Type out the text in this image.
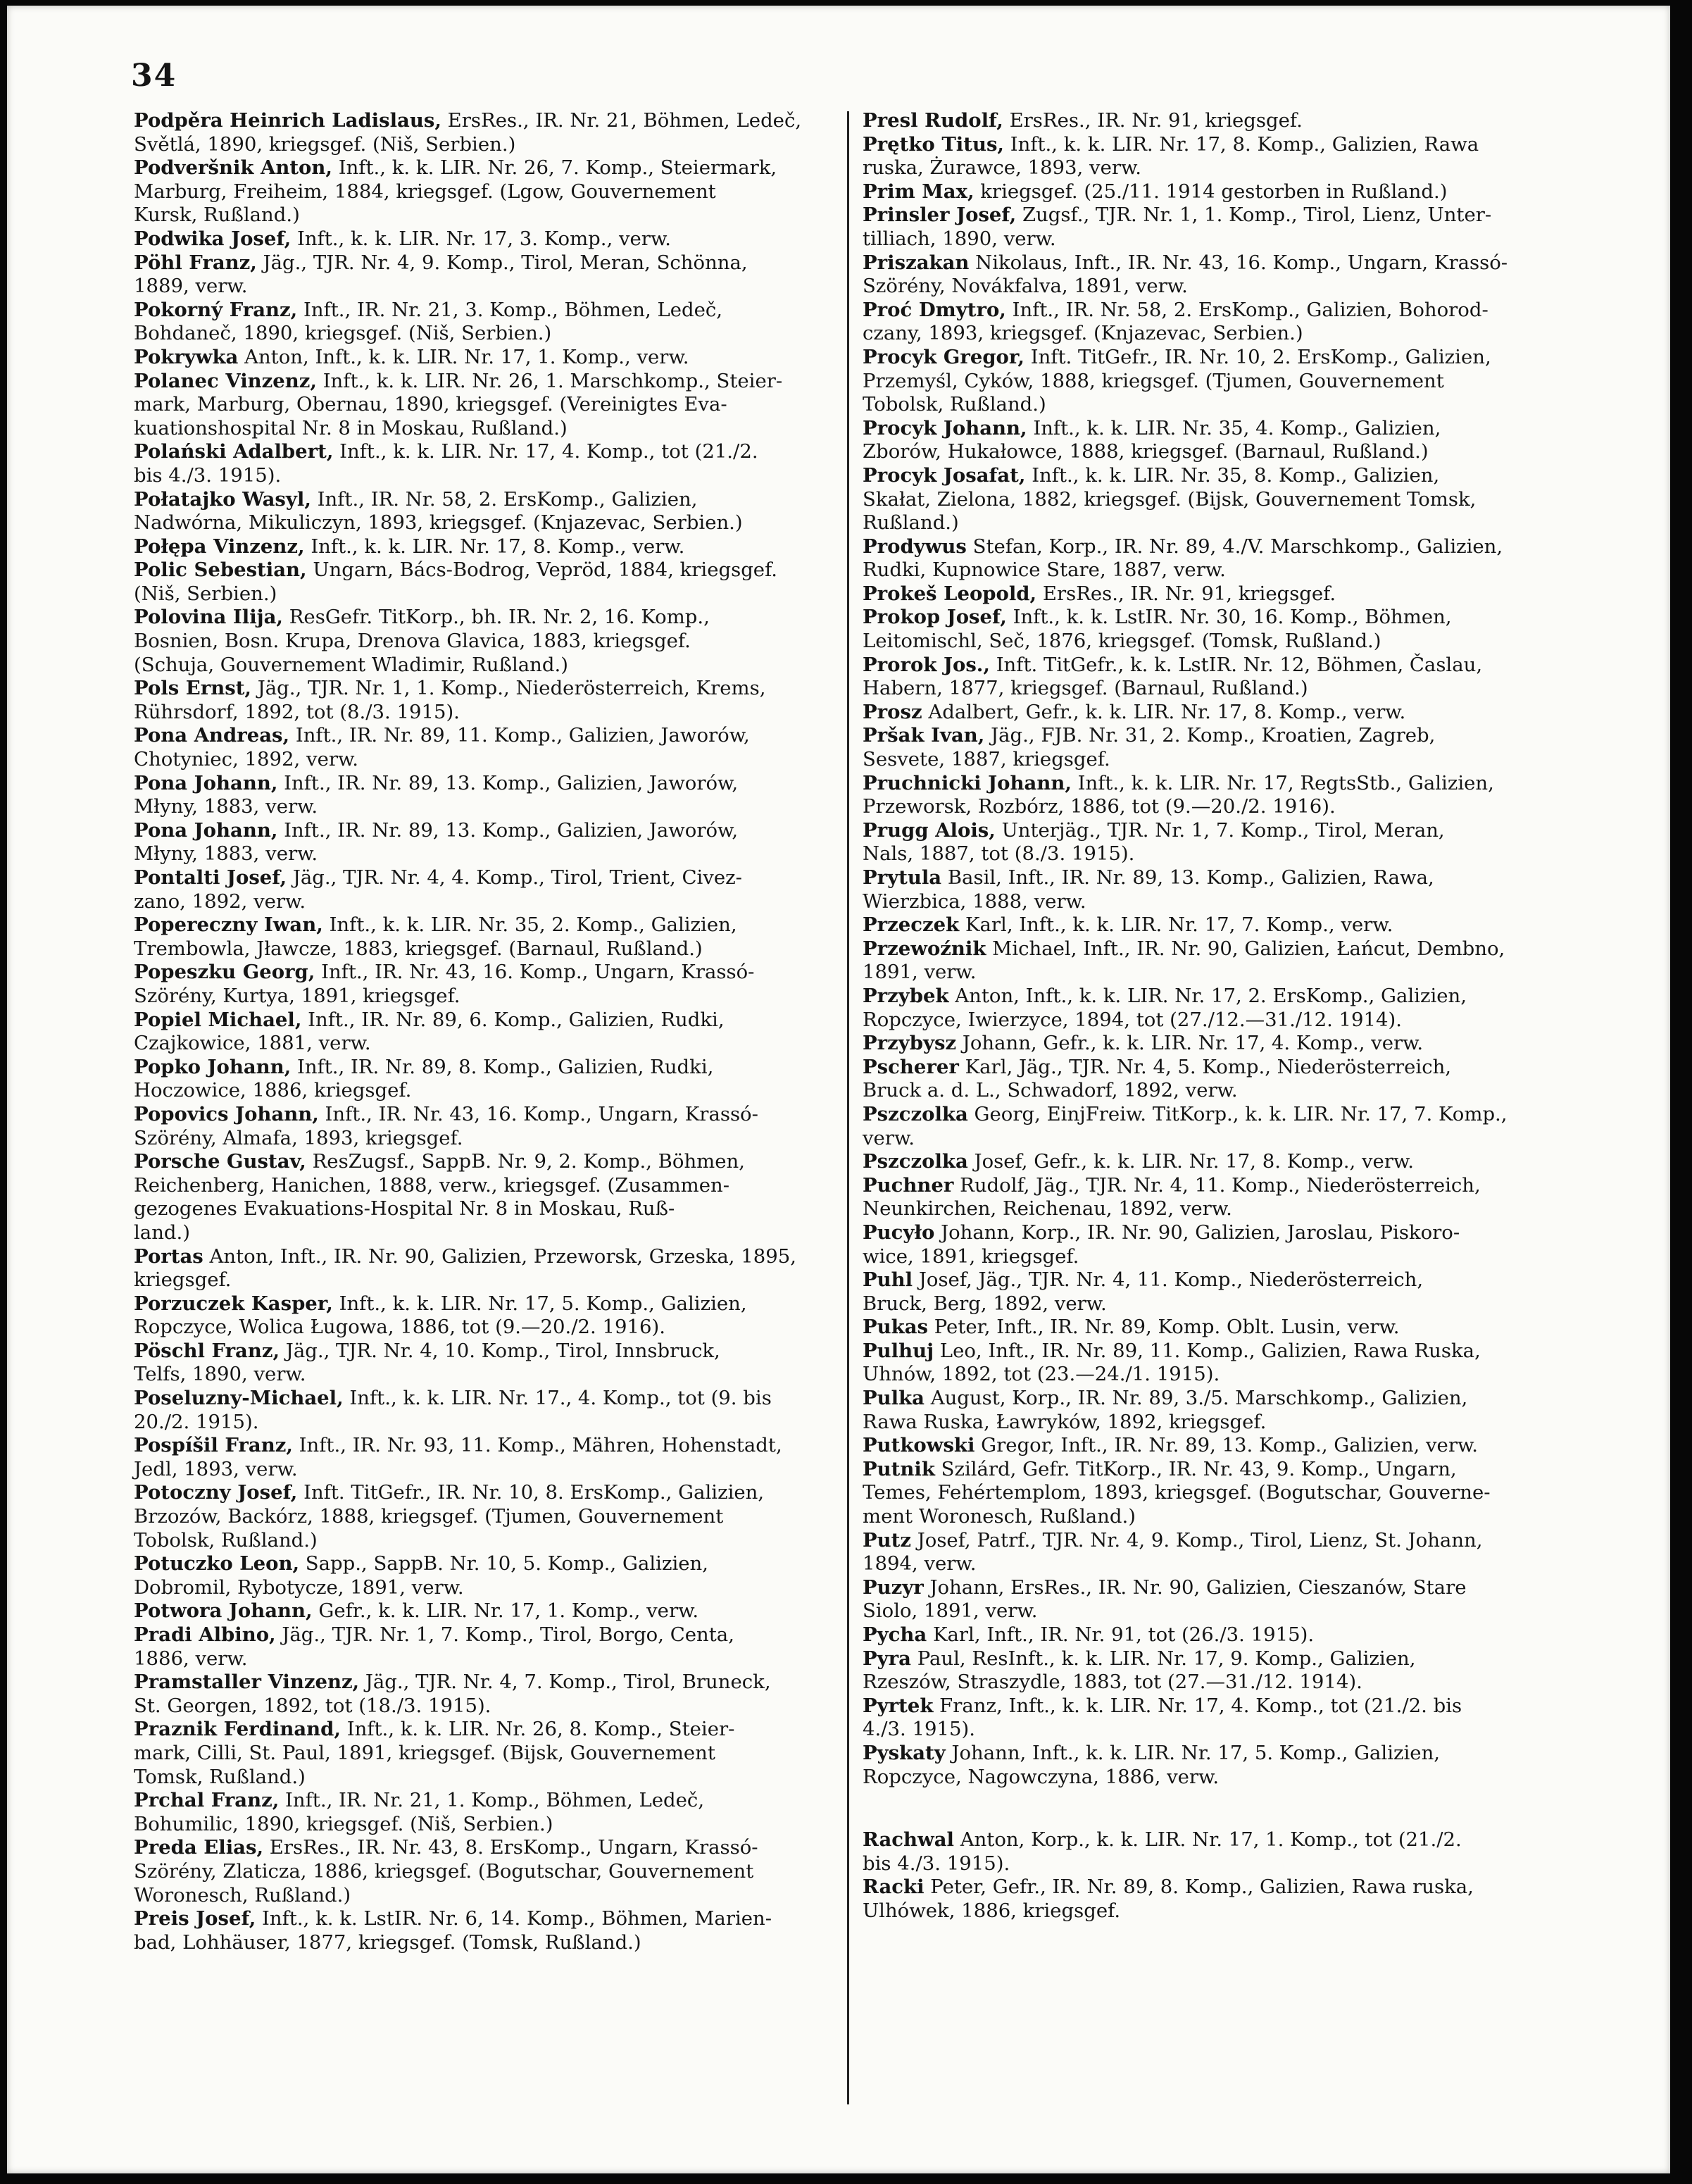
34

Podpěra Heinrich Ladislaus, ErsRes., IR. Nr. 21, Böhmen, Ledeč,
Světlá, 1890, kriegsgef. (Niš, Serbien.)

Podveršnik Anton, Inft., k. k. LIR. Nr. 26, 7. Komp., Steiermark,
Marburg, Freiheim, 1884, kriegsgef. (Lgow, Gouvernement
Kursk, Rußland.)

Podwika Josef, Inft., k. k. LIR. Nr. 17, 3. Komp., verw.

Pöhl Franz, Jäg., TJR. Nr. 4, 9. Komp., Tirol, Meran, Schönna,
1889, verw.

Pokorný Franz, Inft., IR. Nr. 21, 3. Komp., Böhmen, Ledeč,
Bohdaneč, 1890, kriegsgef. (Niš, Serbien.)

Pokrywka Anton, Inft., k. k. LIR. Nr. 17, 1. Komp., verw.

Polanec Vinzenz, Inft., k. k. LIR. Nr. 26, 1. Marschkomp., Steier-
mark, Marburg, Obernau, 1890, kriegsgef. (Vereinigtes Eva-
kuationshospital Nr. 8 in Moskau, Rußland.)

Polański Adalbert, Inft., k. k. LIR. Nr. 17, 4. Komp., tot (21./2.
bis 4./3. 1915).

Połatajko Wasyl, Inft., IR. Nr. 58, 2. ErsKomp., Galizien,
Nadwórna, Mikuliczyn, 1893, kriegsgef. (Knjazevac, Serbien.)

Połępa Vinzenz, Inft., k. k. LIR. Nr. 17, 8. Komp., verw.

Polic Sebestian, Ungarn, Bács-Bodrog, Vepröd, 1884, kriegsgef.
(Niš, Serbien.)

Polovina Ilija, ResGefr. TitKorp., bh. IR. Nr. 2, 16. Komp.,
Bosnien, Bosn. Krupa, Drenova Glavica, 1883, kriegsgef.
(Schuja, Gouvernement Wladimir, Rußland.)

Pols Ernst, Jäg., TJR. Nr. 1, 1. Komp., Niederösterreich, Krems,
Rührsdorf, 1892, tot (8./3. 1915).

Pona Andreas, Inft., IR. Nr. 89, 11. Komp., Galizien, Jaworów,
Chotyniec, 1892, verw.

Pona Johann, Inft., IR. Nr. 89, 13. Komp., Galizien, Jaworów,
Młyny, 1883, verw.

Pona Johann, Inft., IR. Nr. 89, 13. Komp., Galizien, Jaworów,
Młyny, 1883, verw.

Pontalti Josef, Jäg., TJR. Nr. 4, 4. Komp., Tirol, Trient, Civez-
zano, 1892, verw.

Popereczny Iwan, Inft., k. k. LIR. Nr. 35, 2. Komp., Galizien,
Trembowla, Jławcze, 1883, kriegsgef. (Barnaul, Rußland.)

Popeszku Georg, Inft., IR. Nr. 43, 16. Komp., Ungarn, Krassó-
Szörény, Kurtya, 1891, kriegsgef.

Popiel Michael, Inft., IR. Nr. 89, 6. Komp., Galizien, Rudki,
Czajkowice, 1881, verw.

Popko Johann, Inft., IR. Nr. 89, 8. Komp., Galizien, Rudki,
Hoczowice, 1886, kriegsgef.

Popovics Johann, Inft., IR. Nr. 43, 16. Komp., Ungarn, Krassó-
Szörény, Almafa, 1893, kriegsgef.

Porsche Gustav, ResZugsf., SappB. Nr. 9, 2. Komp., Böhmen,
Reichenberg, Hanichen, 1888, verw., kriegsgef. (Zusammen-
gezogenes Evakuations-Hospital Nr. 8 in Moskau, Ruß-
land.)

Portas Anton, Inft., IR. Nr. 90, Galizien, Przeworsk, Grzeska, 1895,
kriegsgef.

Porzuczek Kasper, Inft., k. k. LIR. Nr. 17, 5. Komp., Galizien,
Ropczyce, Wolica Ługowa, 1886, tot (9.—20./2. 1916).

Pöschl Franz, Jäg., TJR. Nr. 4, 10. Komp., Tirol, Innsbruck,
Telfs, 1890, verw.

Poseluzny-Michael, Inft., k. k. LIR. Nr. 17., 4. Komp., tot (9. bis
20./2. 1915).

Pospíšil Franz, Inft., IR. Nr. 93, 11. Komp., Mähren, Hohenstadt,
Jedl, 1893, verw.

Potoczny Josef, Inft. TitGefr., IR. Nr. 10, 8. ErsKomp., Galizien,
Brzozów, Backórz, 1888, kriegsgef. (Tjumen, Gouvernement
Tobolsk, Rußland.)

Potuczko Leon, Sapp., SappB. Nr. 10, 5. Komp., Galizien,
Dobromil, Rybotycze, 1891, verw.

Potwora Johann, Gefr., k. k. LIR. Nr. 17, 1. Komp., verw.

Pradi Albino, Jäg., TJR. Nr. 1, 7. Komp., Tirol, Borgo, Centa,
1886, verw.

Pramstaller Vinzenz, Jäg., TJR. Nr. 4, 7. Komp., Tirol, Bruneck,
St. Georgen, 1892, tot (18./3. 1915).

Praznik Ferdinand, Inft., k. k. LIR. Nr. 26, 8. Komp., Steier-
mark, Cilli, St. Paul, 1891, kriegsgef. (Bijsk, Gouvernement
Tomsk, Rußland.)

Prchal Franz, Inft., IR. Nr. 21, 1. Komp., Böhmen, Ledeč,
Bohumilic, 1890, kriegsgef. (Niš, Serbien.)

Preda Elias, ErsRes., IR. Nr. 43, 8. ErsKomp., Ungarn, Krassó-
Szörény, Zlaticza, 1886, kriegsgef. (Bogutschar, Gouvernement
Woronesch, Rußland.)

Preis Josef, Inft., k. k. LstIR. Nr. 6, 14. Komp., Böhmen, Marien-
bad, Lohhäuser, 1877, kriegsgef. (Tomsk, Rußland.)

Presl Rudolf, ErsRes., IR. Nr. 91, kriegsgef.

Prętko Titus, Inft., k. k. LIR. Nr. 17, 8. Komp., Galizien, Rawa
ruska, Żurawce, 1893, verw.

Prim Max, kriegsgef. (25./11. 1914 gestorben in Rußland.)

Prinsler Josef, Zugsf., TJR. Nr. 1, 1. Komp., Tirol, Lienz, Unter-
tilliach, 1890, verw.

Priszakan Nikolaus, Inft., IR. Nr. 43, 16. Komp., Ungarn, Krassó-
Szörény, Novákfalva, 1891, verw.

Proć Dmytro, Inft., IR. Nr. 58, 2. ErsKomp., Galizien, Bohorod-
czany, 1893, kriegsgef. (Knjazevac, Serbien.)

Procyk Gregor, Inft. TitGefr., IR. Nr. 10, 2. ErsKomp., Galizien,
Przemyśl, Cyków, 1888, kriegsgef. (Tjumen, Gouvernement
Tobolsk, Rußland.)

Procyk Johann, Inft., k. k. LIR. Nr. 35, 4. Komp., Galizien,
Zborów, Hukałowce, 1888, kriegsgef. (Barnaul, Rußland.)

Procyk Josafat, Inft., k. k. LIR. Nr. 35, 8. Komp., Galizien,
Skałat, Zielona, 1882, kriegsgef. (Bijsk, Gouvernement Tomsk,
Rußland.)

Prodywus Stefan, Korp., IR. Nr. 89, 4./V. Marschkomp., Galizien,
Rudki, Kupnowice Stare, 1887, verw.

Prokeš Leopold, ErsRes., IR. Nr. 91, kriegsgef.

Prokop Josef, Inft., k. k. LstIR. Nr. 30, 16. Komp., Böhmen,
Leitomischl, Seč, 1876, kriegsgef. (Tomsk, Rußland.)

Prorok Jos., Inft. TitGefr., k. k. LstIR. Nr. 12, Böhmen, Časlau,
Habern, 1877, kriegsgef. (Barnaul, Rußland.)

Prosz Adalbert, Gefr., k. k. LIR. Nr. 17, 8. Komp., verw.

Pršak Ivan, Jäg., FJB. Nr. 31, 2. Komp., Kroatien, Zagreb,
Sesvete, 1887, kriegsgef.

Pruchnicki Johann, Inft., k. k. LIR. Nr. 17, RegtsStb., Galizien,
Przeworsk, Rozbórz, 1886, tot (9.—20./2. 1916).

Prugg Alois, Unterjäg., TJR. Nr. 1, 7. Komp., Tirol, Meran,
Nals, 1887, tot (8./3. 1915).

Prytula Basil, Inft., IR. Nr. 89, 13. Komp., Galizien, Rawa,
Wierzbica, 1888, verw.

Przeczek Karl, Inft., k. k. LIR. Nr. 17, 7. Komp., verw.

Przewoźnik Michael, Inft., IR. Nr. 90, Galizien, Łańcut, Dembno,
1891, verw.

Przybek Anton, Inft., k. k. LIR. Nr. 17, 2. ErsKomp., Galizien,
Ropczyce, Iwierzyce, 1894, tot (27./12.—31./12. 1914).

Przybysz Johann, Gefr., k. k. LIR. Nr. 17, 4. Komp., verw.

Pscherer Karl, Jäg., TJR. Nr. 4, 5. Komp., Niederösterreich,
Bruck a. d. L., Schwadorf, 1892, verw.

Pszczolka Georg, EinjFreiw. TitKorp., k. k. LIR. Nr. 17, 7. Komp.,
verw.

Pszczolka Josef, Gefr., k. k. LIR. Nr. 17, 8. Komp., verw.

Puchner Rudolf, Jäg., TJR. Nr. 4, 11. Komp., Niederösterreich,
Neunkirchen, Reichenau, 1892, verw.

Pucyło Johann, Korp., IR. Nr. 90, Galizien, Jaroslau, Piskoro-
wice, 1891, kriegsgef.

Puhl Josef, Jäg., TJR. Nr. 4, 11. Komp., Niederösterreich,
Bruck, Berg, 1892, verw.

Pukas Peter, Inft., IR. Nr. 89, Komp. Oblt. Lusin, verw.

Pulhuj Leo, Inft., IR. Nr. 89, 11. Komp., Galizien, Rawa Ruska,
Uhnów, 1892, tot (23.—24./1. 1915).

Pulka August, Korp., IR. Nr. 89, 3./5. Marschkomp., Galizien,
Rawa Ruska, Ławryków, 1892, kriegsgef.

Putkowski Gregor, Inft., IR. Nr. 89, 13. Komp., Galizien, verw.

Putnik Szilárd, Gefr. TitKorp., IR. Nr. 43, 9. Komp., Ungarn,
Temes, Fehértemplom, 1893, kriegsgef. (Bogutschar, Gouverne-
ment Woronesch, Rußland.)

Putz Josef, Patrf., TJR. Nr. 4, 9. Komp., Tirol, Lienz, St. Johann,
1894, verw.

Puzyr Johann, ErsRes., IR. Nr. 90, Galizien, Cieszanów, Stare
Siolo, 1891, verw.

Pycha Karl, Inft., IR. Nr. 91, tot (26./3. 1915).

Pyra Paul, ResInft., k. k. LIR. Nr. 17, 9. Komp., Galizien,
Rzeszów, Straszydle, 1883, tot (27.—31./12. 1914).

Pyrtek Franz, Inft., k. k. LIR. Nr. 17, 4. Komp., tot (21./2. bis
4./3. 1915).

Pyskaty Johann, Inft., k. k. LIR. Nr. 17, 5. Komp., Galizien,
Ropczyce, Nagowczyna, 1886, verw.

Rachwal Anton, Korp., k. k. LIR. Nr. 17, 1. Komp., tot (21./2.
bis 4./3. 1915).

Racki Peter, Gefr., IR. Nr. 89, 8. Komp., Galizien, Rawa ruska,
Ulhówek, 1886, kriegsgef.
